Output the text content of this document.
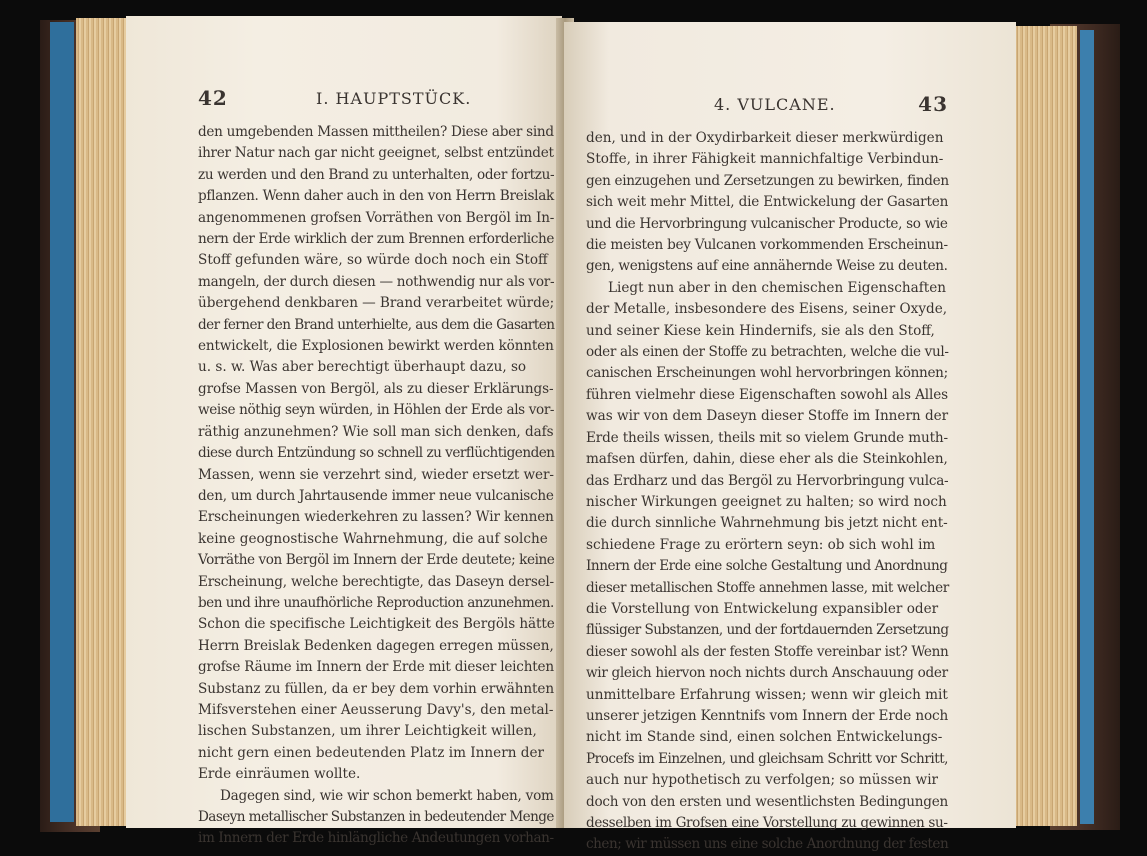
42	I. HAUPTSTÜCK.
den umgebenden Massen mittheilen? Diese aber sind
ihrer Natur nach gar nicht geeignet, selbst entzündet
zu werden und den Brand zu unterhalten, oder fortzu-
pflanzen. Wenn daher auch in den von Herrn Breislak
angenommenen grofsen Vorräthen von Bergöl im In-
nern der Erde wirklich der zum Brennen erforderliche
Stoff gefunden wäre, so würde doch noch ein Stoff
mangeln, der durch diesen — nothwendig nur als vor-
übergehend denkbaren — Brand verarbeitet würde;
der ferner den Brand unterhielte, aus dem die Gasarten
entwickelt, die Explosionen bewirkt werden könnten
u. s. w. Was aber berechtigt überhaupt dazu, so
grofse Massen von Bergöl, als zu dieser Erklärungs-
weise nöthig seyn würden, in Höhlen der Erde als vor-
räthig anzunehmen? Wie soll man sich denken, dafs
diese durch Entzündung so schnell zu verflüchtigenden
Massen, wenn sie verzehrt sind, wieder ersetzt wer-
den, um durch Jahrtausende immer neue vulcanische
Erscheinungen wiederkehren zu lassen? Wir kennen
keine geognostische Wahrnehmung, die auf solche
Vorräthe von Bergöl im Innern der Erde deutete; keine
Erscheinung, welche berechtigte, das Daseyn dersel-
ben und ihre unaufhörliche Reproduction anzunehmen.
Schon die specifische Leichtigkeit des Bergöls hätte
Herrn Breislak Bedenken dagegen erregen müssen,
grofse Räume im Innern der Erde mit dieser leichten
Substanz zu füllen, da er bey dem vorhin erwähnten
Mifsverstehen einer Aeusserung Davy's, den metal-
lischen Substanzen, um ihrer Leichtigkeit willen,
nicht gern einen bedeutenden Platz im Innern der
Erde einräumen wollte.
Dagegen sind, wie wir schon bemerkt haben, vom
Daseyn metallischer Substanzen in bedeutender Menge
im Innern der Erde hinlängliche Andeutungen vorhan-
4. VULCANE.	43
den, und in der Oxydirbarkeit dieser merkwürdigen
Stoffe, in ihrer Fähigkeit mannichfaltige Verbindun-
gen einzugehen und Zersetzungen zu bewirken, finden
sich weit mehr Mittel, die Entwickelung der Gasarten
und die Hervorbringung vulcanischer Producte, so wie
die meisten bey Vulcanen vorkommenden Erscheinun-
gen, wenigstens auf eine annähernde Weise zu deuten.
Liegt nun aber in den chemischen Eigenschaften
der Metalle, insbesondere des Eisens, seiner Oxyde,
und seiner Kiese kein Hindernifs, sie als den Stoff,
oder als einen der Stoffe zu betrachten, welche die vul-
canischen Erscheinungen wohl hervorbringen können;
führen vielmehr diese Eigenschaften sowohl als Alles
was wir von dem Daseyn dieser Stoffe im Innern der
Erde theils wissen, theils mit so vielem Grunde muth-
mafsen dürfen, dahin, diese eher als die Steinkohlen,
das Erdharz und das Bergöl zu Hervorbringung vulca-
nischer Wirkungen geeignet zu halten; so wird noch
die durch sinnliche Wahrnehmung bis jetzt nicht ent-
schiedene Frage zu erörtern seyn: ob sich wohl im
Innern der Erde eine solche Gestaltung und Anordnung
dieser metallischen Stoffe annehmen lasse, mit welcher
die Vorstellung von Entwickelung expansibler oder
flüssiger Substanzen, und der fortdauernden Zersetzung
dieser sowohl als der festen Stoffe vereinbar ist? Wenn
wir gleich hiervon noch nichts durch Anschauung oder
unmittelbare Erfahrung wissen; wenn wir gleich mit
unserer jetzigen Kenntnifs vom Innern der Erde noch
nicht im Stande sind, einen solchen Entwickelungs-
Procefs im Einzelnen, und gleichsam Schritt vor Schritt,
auch nur hypothetisch zu verfolgen; so müssen wir
doch von den ersten und wesentlichsten Bedingungen
desselben im Grofsen eine Vorstellung zu gewinnen su-
chen; wir müssen uns eine solche Anordnung der festen
